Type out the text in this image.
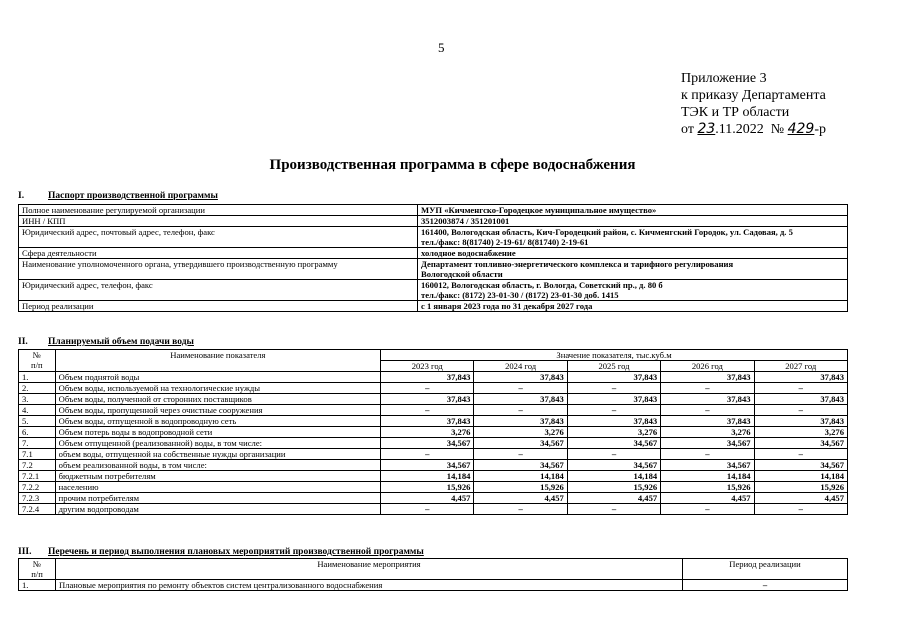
5
Приложение 3
к приказу Департамента
ТЭК и ТР области
от 23.11.2022 № 429-р
Производственная программа в сфере водоснабжения
I.	Паспорт производственной программы
Полное наименование регулируемой организации	МУП «Кичменгско-Городецкое муниципальное имущество»

ИНН / КПП	3512003874 / 351201001

Юридический адрес, почтовый адрес, телефон, факс	161400, Вологодская область, Кич-Городецкий район, с. Кичменгский Городок, ул. Садовая, д. 5
тел./факс: 8(81740) 2-19-61/ 8(81740) 2-19-61

Сфера деятельности	холодное водоснабжение

Наименование уполномоченного органа, утвердившего производственную программу	Департамент топливно-энергетического комплекса и тарифного регулирования
Вологодской области

Юридический адрес, телефон, факс	160012, Вологодская область, г. Вологда, Советский пр., д. 80 б
тел./факс: (8172) 23-01-30 / (8172) 23-01-30 доб. 1415

Период реализации	с 1 января 2023 года по 31 декабря 2027 года
II. Планируемый объем подачи воды
№
п/п	Наименование показателя	Значение показателя, тыс.куб.м				
		2023 год	2024 год	2025 год	2026 год	2027 год
1.	Объем поднятой воды	37,843	37,843	37,843	37,843	37,843
2.	Объем воды, используемой на технологические нужды	–	–	–	–	–
3.	Объем воды, полученной от сторонних поставщиков	37,843	37,843	37,843	37,843	37,843
4.	Объем воды, пропущенной через очистные сооружения	–	–	–	–	–
5.	Объем воды, отпущенной в водопроводную сеть	37,843	37,843	37,843	37,843	37,843
6.	Объем потерь воды в водопроводной сети	3,276	3,276	3,276	3,276	3,276
7.	Объем отпущенной (реализованной) воды, в том числе:	34,567	34,567	34,567	34,567	34,567
7.1	объем воды, отпущенной на собственные нужды организации	–	–	–	–	–
7.2	объем реализованной воды, в том числе:	34,567	34,567	34,567	34,567	34,567
7.2.1	бюджетным потребителям	14,184	14,184	14,184	14,184	14,184
7.2.2	населению	15,926	15,926	15,926	15,926	15,926
7.2.3	прочим потребителям	4,457	4,457	4,457	4,457	4,457
7.2.4	другим водопроводам	–	–	–	–	–
III. Перечень и период выполнения плановых мероприятий производственной программы
№
п/п	Наименование мероприятия	Период реализации
1.	Плановые мероприятия по ремонту объектов систем централизованного водоснабжения	–
